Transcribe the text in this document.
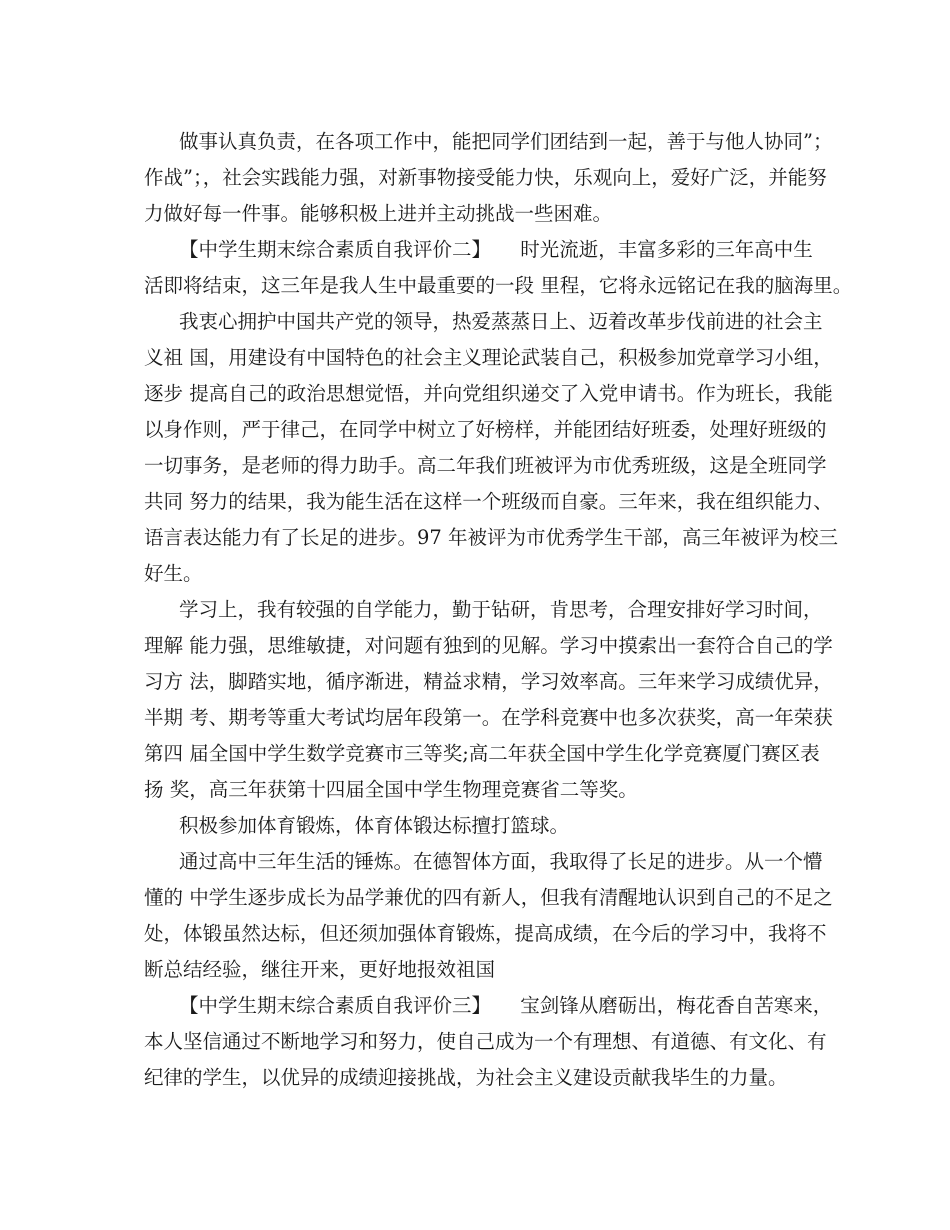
做事认真负责，在各项工作中，能把同学们团结到一起，善于与他人协同”；
作战”；，社会实践能力强，对新事物接受能力快，乐观向上，爱好广泛，并能努
力做好每一件事。能够积极上进并主动挑战一些困难。
【中学生期末综合素质自我评价二】　　时光流逝，丰富多彩的三年高中生
活即将结束，这三年是我人生中最重要的一段 里程，它将永远铭记在我的脑海里。
我衷心拥护中国共产党的领导，热爱蒸蒸日上、迈着改革步伐前进的社会主
义祖 国，用建设有中国特色的社会主义理论武装自己，积极参加党章学习小组，
逐步 提高自己的政治思想觉悟，并向党组织递交了入党申请书。作为班长，我能
以身作则，严于律己，在同学中树立了好榜样，并能团结好班委，处理好班级的
一切事务，是老师的得力助手。高二年我们班被评为市优秀班级，这是全班同学
共同 努力的结果，我为能生活在这样一个班级而自豪。三年来，我在组织能力、
语言表达能力有了长足的进步。97 年被评为市优秀学生干部，高三年被评为校三
好生。
学习上，我有较强的自学能力，勤于钻研，肯思考，合理安排好学习时间，
理解 能力强，思维敏捷，对问题有独到的见解。学习中摸索出一套符合自己的学
习方 法，脚踏实地，循序渐进，精益求精，学习效率高。三年来学习成绩优异，
半期 考、期考等重大考试均居年段第一。在学科竞赛中也多次获奖，高一年荣获
第四 届全国中学生数学竞赛市三等奖;高二年获全国中学生化学竞赛厦门赛区表
扬 奖，高三年获第十四届全国中学生物理竞赛省二等奖。
积极参加体育锻炼，体育体锻达标擅打篮球。
通过高中三年生活的锤炼。在德智体方面，我取得了长足的进步。从一个懵
懂的 中学生逐步成长为品学兼优的四有新人，但我有清醒地认识到自己的不足之
处，体锻虽然达标，但还须加强体育锻炼，提高成绩，在今后的学习中，我将不
断总结经验，继往开来，更好地报效祖国
【中学生期末综合素质自我评价三】　　宝剑锋从磨砺出，梅花香自苦寒来，
本人坚信通过不断地学习和努力，使自己成为一个有理想、有道德、有文化、有
纪律的学生，以优异的成绩迎接挑战，为社会主义建设贡献我毕生的力量。
